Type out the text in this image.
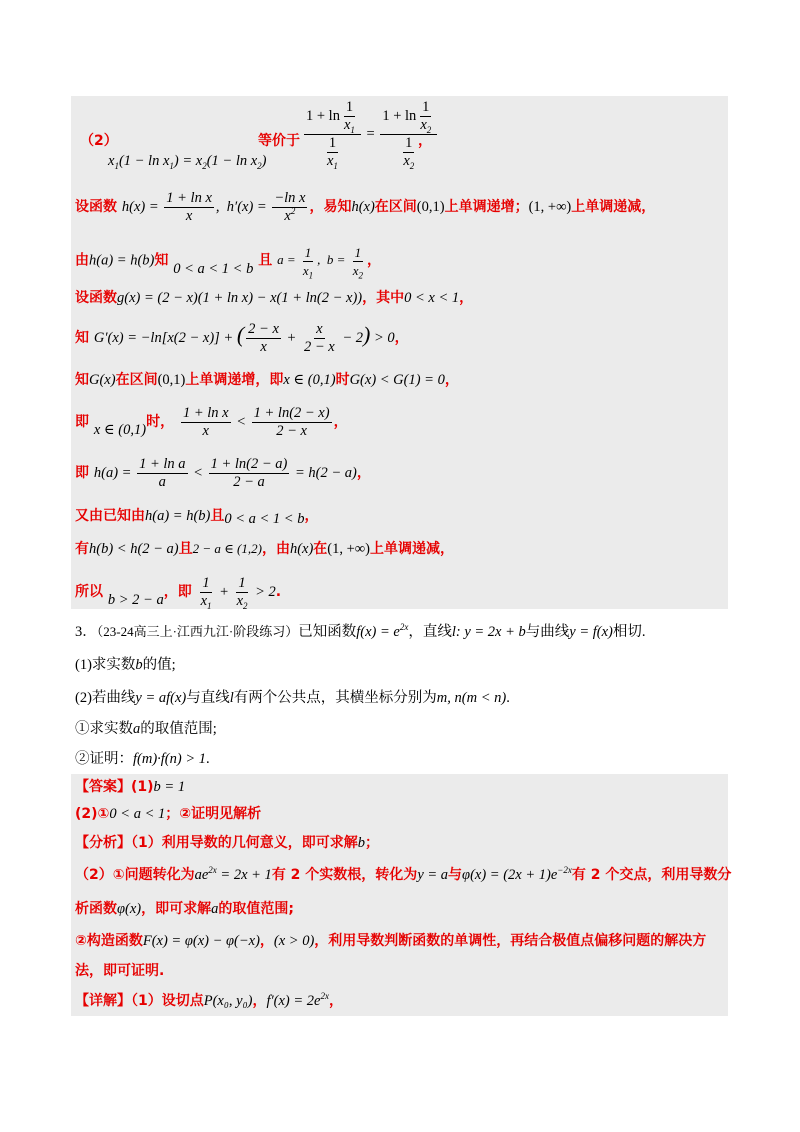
（2）
$x_1(1 - \ln x_1) = x_2(1 - \ln x_2)$
等价于 $\frac{1 + \ln \frac{1}{x_1}}{\frac{1}{x_1}} = \frac{1 + \ln \frac{1}{x_2}}{\frac{1}{x_2}}$
，
设函数 $h(x) = \frac{\text{1 + ln x}}{x}$ ,  $h'(x) = \frac{\text{−ln x}}{x^2}$ ，易知h(x)在区间(0,1)上单调递增；(1, +∞)上单调递减，
由h(a) = h(b)知 0 < a < 1 < b 且 $a = \frac{1}{x_1}$ ,  $b = \frac{1}{x_2}$ ，
设函数g(x) = (2 − x)(1 + ln x) − x(1 + ln(2 − x))，其中0 < x < 1，
知 G′(x) = −ln[x(2 − x)] + ( $\frac{2 - x}{x} + \frac{x}{2 - x} - 2) > 0$，
知G(x)在区间(0,1)上单调递增，即x ∈ (0,1)时G(x) < G(1) = 0，
即 x ∈ (0,1)时， $\frac{\text{1 + ln x}}{x} < \frac{1 + \ln(2 - x)}{2 - x}$ ，
即 $h(a) = \frac{\text{1 + ln a}}{a} < \frac{1 + \ln(2 - a)}{2 - a} = h(2 - a)$，
又由已知由h(a) = h(b)且0 < a < 1 < b，
有h(b) < h(2 − a)且2 − a ∈ (1,2)，由h(x)在(1, +∞)上单调递减，
所以 b > 2 − a，即 $\frac{1}{x_1} + \frac{1}{x_2} > 2$.
3．（23-24高三上·江西九江·阶段练习）已知函数$f(x) = e^{2x}$，直线l: y = 2x + b与曲线y = f(x)相切.
(1)求实数b的值;
(2)若曲线y = af(x)与直线l有两个公共点，其横坐标分别为m, n(m < n).
①求实数a的取值范围;
②证明：f(m)·f(n) > 1.
【答案】(1)b = 1
(2)①0 < a < 1；②证明见解析
【分析】（1）利用导数的几何意义，即可求解b；
（2）①问题转化为$ae^{2x} = 2x + 1$有 2 个实数根，转化为y = a与$\varphi(x) = (2x + 1)e^{-2x}$有 2 个交点，利用导数分
析函数φ(x)，即可求解a的取值范围;
②构造函数F(x) = φ(x) − φ(−x)，(x > 0)，利用导数判断函数的单调性，再结合极值点偏移问题的解决方
法，即可证明.
【详解】（1）设切点P(x₀, y₀)，$f'(x) = 2e^{2x}$，
